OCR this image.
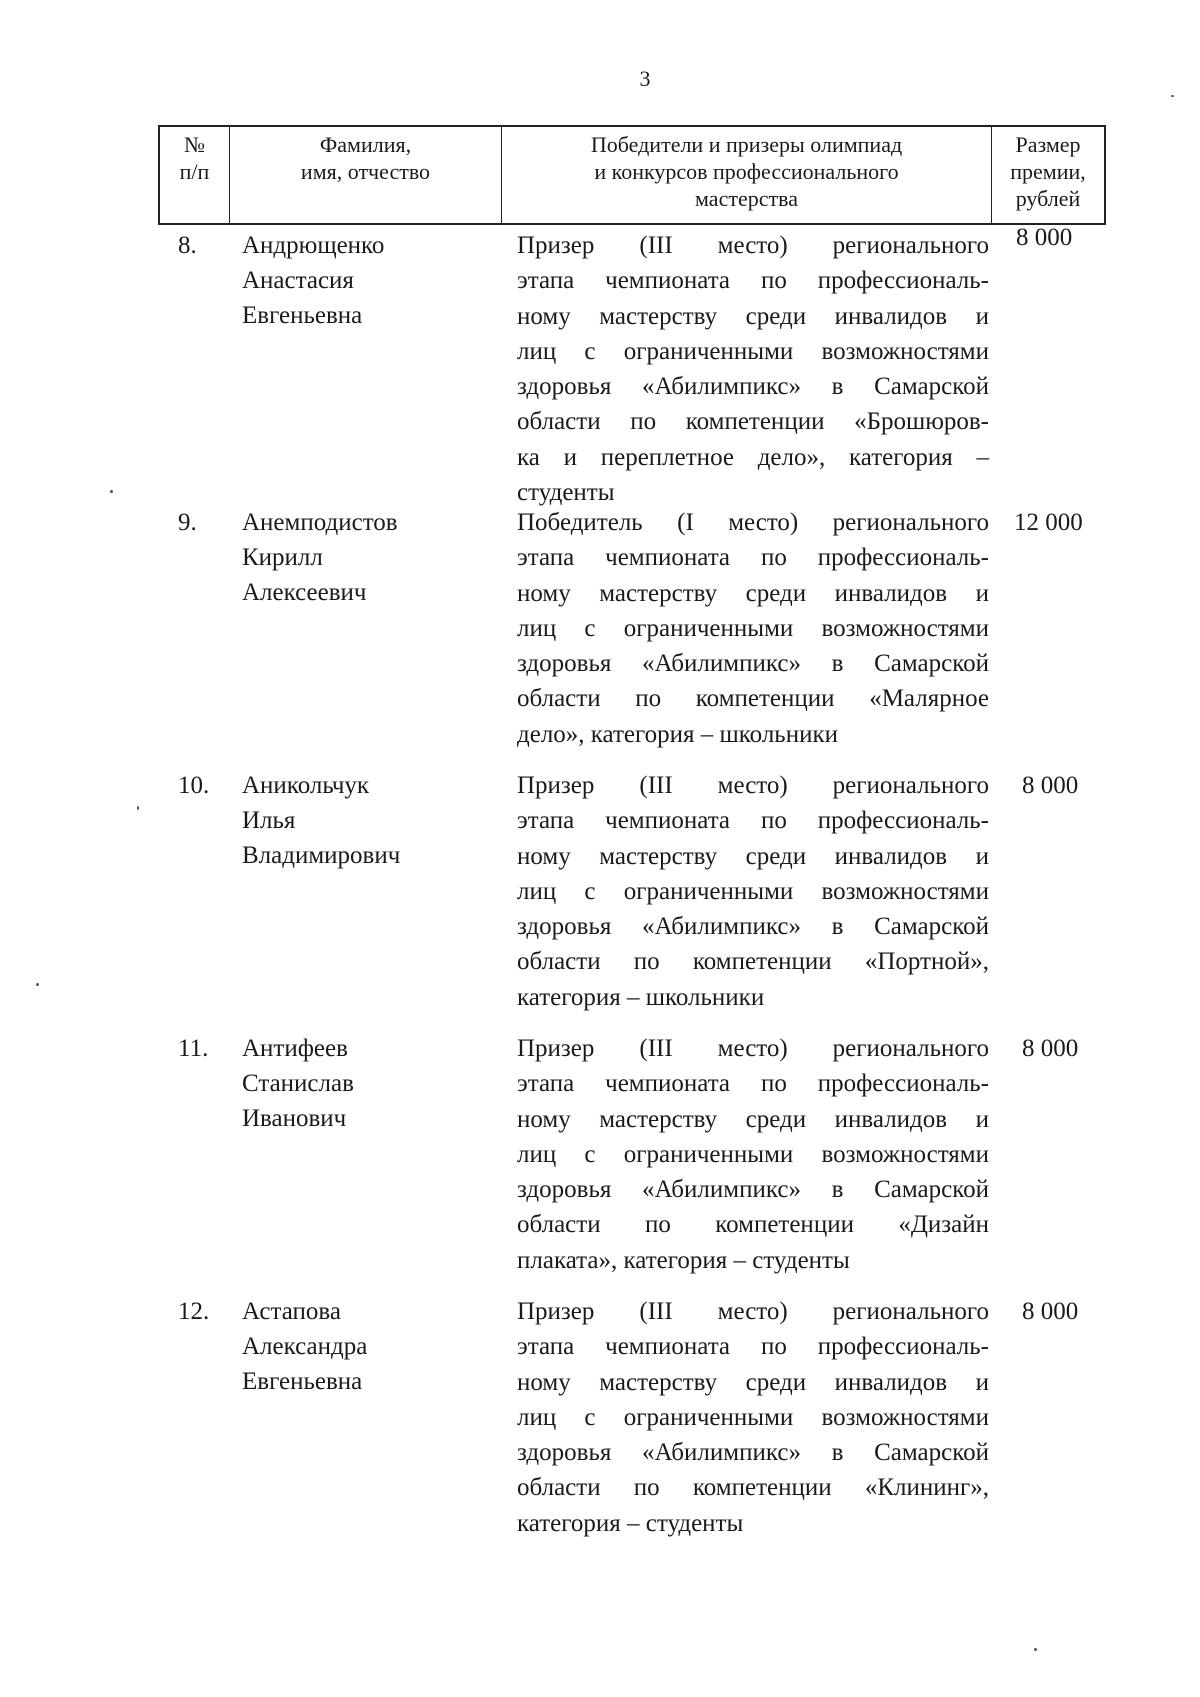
3
№
п/п
Фамилия,
имя, отчество
Победители и призеры олимпиад
и конкурсов профессионального
мастерства
Размер
премии,
рублей
8. Андрющенко
Анастасия
Евгеньевна
Призер (III место) регионального
этапа чемпионата по профессиональ-
ному мастерству среди инвалидов и
лиц с ограниченными возможностями
здоровья «Абилимпикс» в Самарской
области по компетенции «Брошюров-
ка и переплетное дело», категория –
студенты
8 000
9. Анемподистов
Кирилл
Алексеевич
Победитель (I место) регионального
этапа чемпионата по профессиональ-
ному мастерству среди инвалидов и
лиц с ограниченными возможностями
здоровья «Абилимпикс» в Самарской
области по компетенции «Малярное
дело», категория – школьники
12 000
10. Аникольчук
Илья
Владимирович
Призер (III место) регионального
этапа чемпионата по профессиональ-
ному мастерству среди инвалидов и
лиц с ограниченными возможностями
здоровья «Абилимпикс» в Самарской
области по компетенции «Портной»,
категория – школьники
8 000
11. Антифеев
Станислав
Иванович
Призер (III место) регионального
этапа чемпионата по профессиональ-
ному мастерству среди инвалидов и
лиц с ограниченными возможностями
здоровья «Абилимпикс» в Самарской
области по компетенции «Дизайн
плаката», категория – студенты
8 000
12. Астапова
Александра
Евгеньевна
Призер (III место) регионального
этапа чемпионата по профессиональ-
ному мастерству среди инвалидов и
лиц с ограниченными возможностями
здоровья «Абилимпикс» в Самарской
области по компетенции «Клининг»,
категория – студенты
8 000
